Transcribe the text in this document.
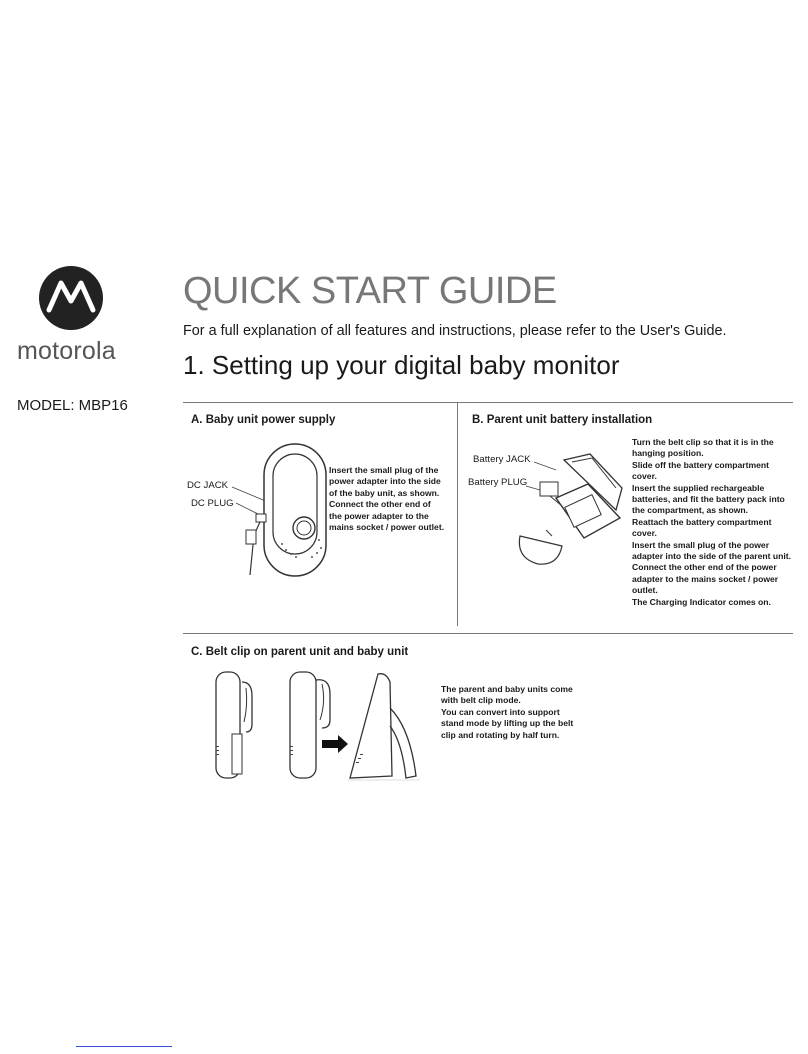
motorola
MODEL: MBP16
QUICK START GUIDE
For a full explanation of all features and instructions, please refer to the User's Guide.
1. Setting up your digital baby monitor
A. Baby unit power supply
DC JACK
DC PLUG
Insert the small plug of the
power adapter into the side
of the baby unit, as shown.
Connect the other end of
the power adapter to the
mains socket / power outlet.
B. Parent unit battery installation
Battery JACK
Battery PLUG
Turn the belt clip so that it is in the
hanging position.
Slide off the battery compartment
cover.
Insert the supplied rechargeable
batteries, and fit the battery pack into
the compartment, as shown.
Reattach the battery compartment
cover.
Insert the small plug of the power
adapter into the side of the parent unit.
Connect the other end of the power
adapter to the mains socket / power
outlet.
The Charging Indicator comes on.
C. Belt clip on parent unit and baby unit
The parent and baby units come
with belt clip mode.
You can convert into support
stand mode by lifting up the belt
clip and rotating by half turn.
